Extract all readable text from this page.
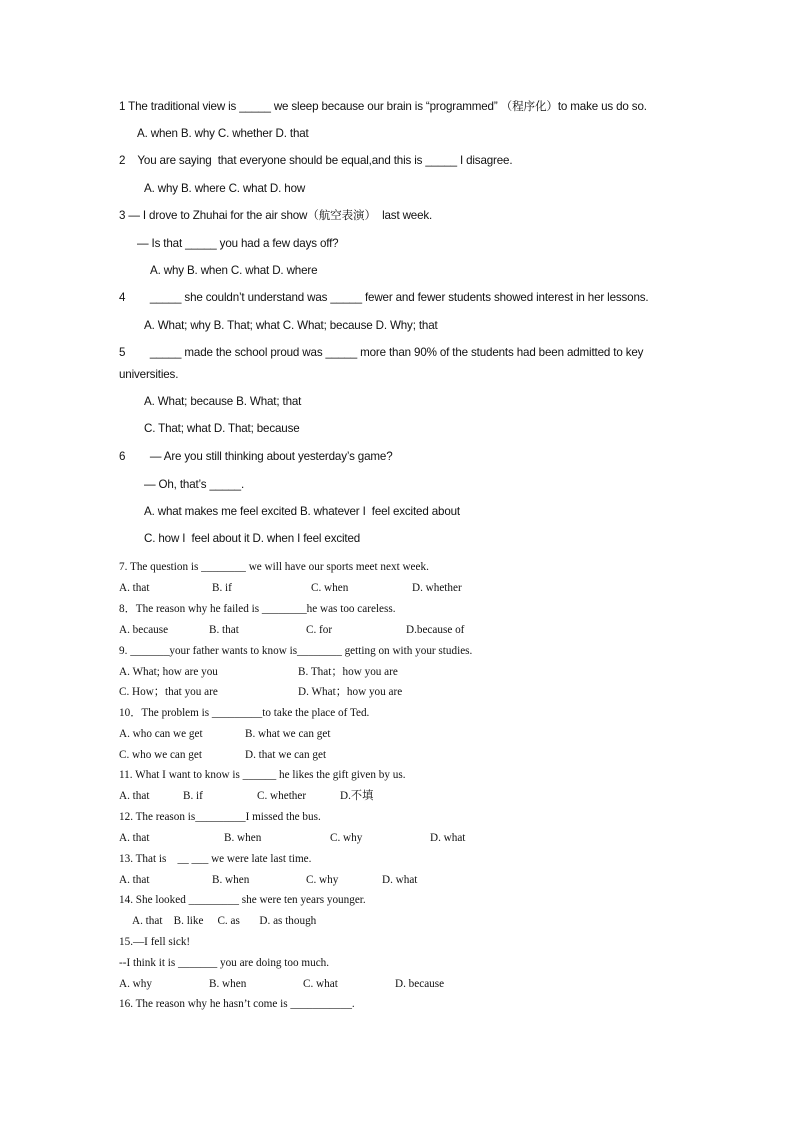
1 The traditional view is _____ we sleep because our brain is “programmed” （程序化）to make us do so.
A. when B. why C. whether D. that
2    You are saying  that everyone should be equal,and this is _____ I disagree.
A. why B. where C. what D. how
3 — I drove to Zhuhai for the air show（航空表演）  last week.
— Is that _____ you had a few days off?
A. why B. when C. what D. where
4        _____ she couldn’t understand was _____ fewer and fewer students showed interest in her lessons.
A. What; why B. That; what C. What; because D. Why; that
5        _____ made the school proud was _____ more than 90% of the students had been admitted to key
universities.
A. What; because B. What; that
C. That; what D. That; because
6        — Are you still thinking about yesterday’s game?
— Oh, that’s _____.
A. what makes me feel excited B. whatever I  feel excited about
C. how I  feel about it D. when I feel excited
7. The question is ________ we will have our sports meet next week.
A. that	B. if	C. when	D. whether
8．The reason why he failed is ________he was too careless.
A. because	B. that	C. for	D.because of
9. _______your father wants to know is________ getting on with your studies.
A. What; how are you	B. That；how you are
C. How；that you are	D. What；how you are
10．The problem is _________to take the place of Ted.
A. who can we get	B. what we can get
C. who we can get	D. that we can get
11. What I want to know is ______ he likes the gift given by us.
A. that	B. if	C. whether	D.不填
12. The reason is_________I missed the bus.
A. that	B. when	C. why	D. what
13. That is    __ ___ we were late last time.
A. that	B. when	C. why	D. what
14. She looked _________ she were ten years younger.
A. that    B. like     C. as       D. as though
15.—I fell sick!
--I think it is _______ you are doing too much.
A. why	B. when	C. what	D. because
16. The reason why he hasn’t come is ___________.
